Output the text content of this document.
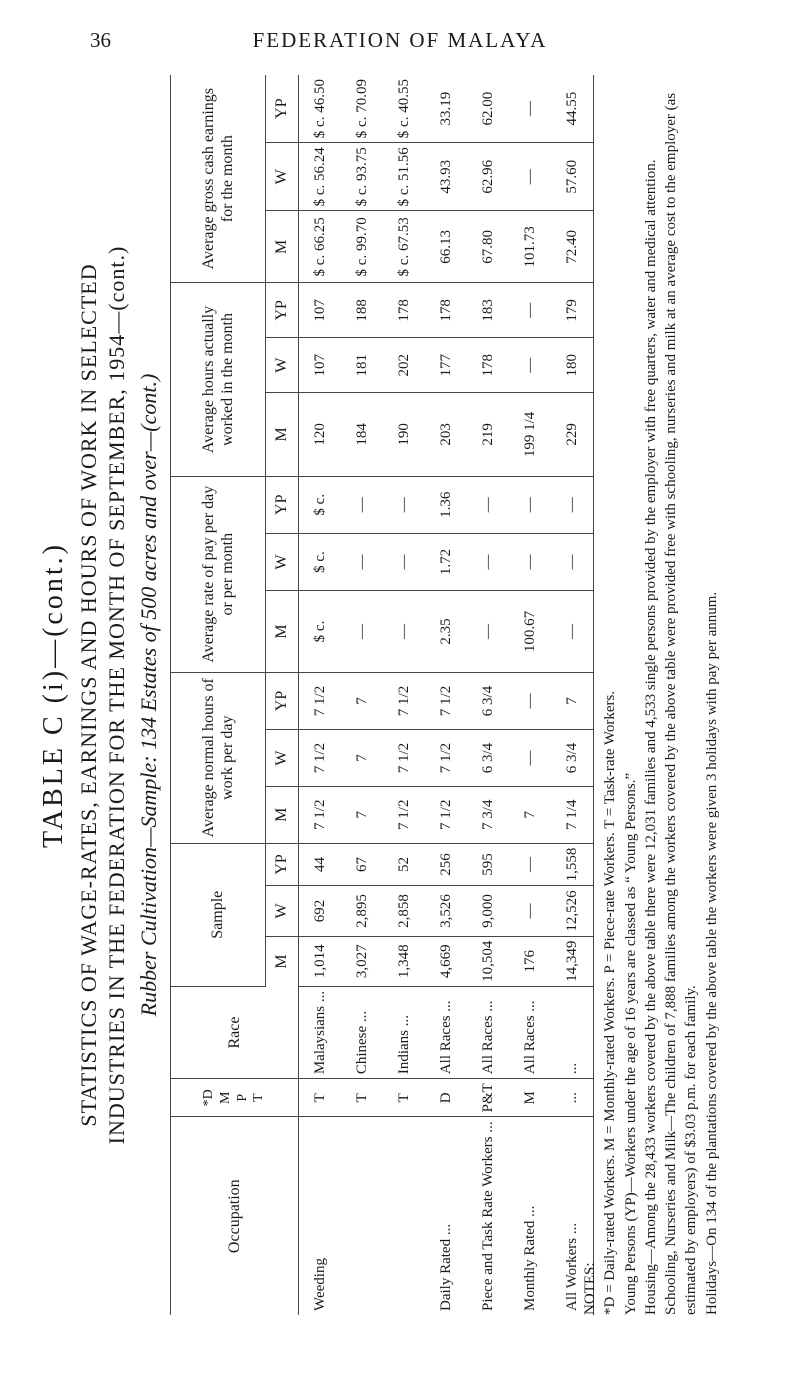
36	FEDERATION OF MALAYA
TABLE C (i)—(cont.) STATISTICS OF WAGE-RATES, EARNINGS AND HOURS OF WORK IN SELECTED INDUSTRIES IN THE FEDERATION FOR THE MONTH OF SEPTEMBER, 1954—(cont.) Rubber Cultivation—Sample: 134 Estates of 500 acres and over—(cont.)
Occupation	*D
M
P
T	Race	Sample			Average normal hours of work per day			Average rate of pay per day or per month			Average hours actually worked in the month			Average gross cash earnings for the month		
			M	W	YP	M	W	YP	M	W	YP	M	W	YP	M	W	YP
Weeding	T	Malaysians ...	1,014	692	44	7 1/2	7 1/2	7 1/2	$ c.	$ c.	$ c.	120	107	107	$ c. 66.25	$ c. 56.24	$ c. 46.50
	T	Chinese ...	3,027	2,895	67	7	7	7	—	—	—	184	181	188	$ c. 99.70	$ c. 93.75	$ c. 70.09
	T	Indians ...	1,348	2,858	52	7 1/2	7 1/2	7 1/2	—	—	—	190	202	178	$ c. 67.53	$ c. 51.56	$ c. 40.55
Daily Rated ...	D	All Races ...	4,669	3,526	256	7 1/2	7 1/2	7 1/2	2.35	1.72	1.36	203	177	178	66.13	43.93	33.19
Piece and Task Rate Workers ...	P&T	All Races ...	10,504	9,000	595	7 3/4	6 3/4	6 3/4	—	—	—	219	178	183	67.80	62.96	62.00
Monthly Rated ...	M	All Races ...	176	—	—	7	—	—	100.67	—	—	199 1/4	—	—	101.73	—	—
All Workers ...	...	...	14,349	12,526	1,558	7 1/4	6 3/4	7	—	—	—	229	180	179	72.40	57.60	44.55

NOTES: *D = Daily-rated Workers. M = Monthly-rated Workers. P = Piece-rate Workers. T = Task-rate Workers. Young Persons (YP)—Workers under the age of 16 years are classed as “ Young Persons.” Housing—Among the 28,433 workers covered by the above table there were 12,031 families and 4,533 single persons provided by the employer with free quarters, water and medical attention. Schooling, Nurseries and Milk—The children of 7,888 families among the workers covered by the above table were provided free with schooling, nurseries and milk at an average cost to the employer (as estimated by employers) of $3.03 p.m. for each family. Holidays—On 134 of the plantations covered by the above table the workers were given 3 holidays with pay per annum.
